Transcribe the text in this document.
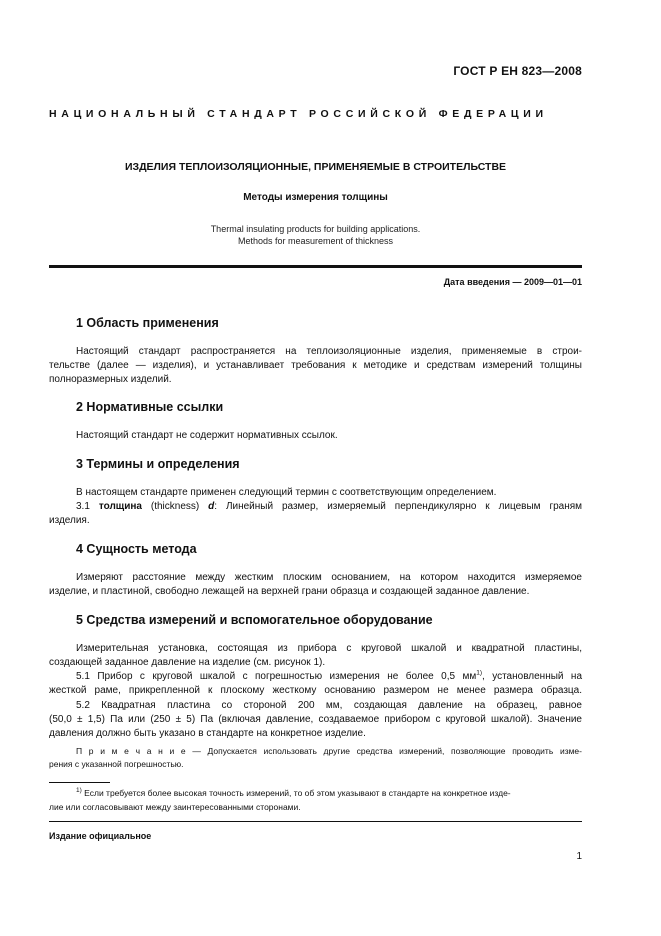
ГОСТ Р ЕН 823—2008
НАЦИОНАЛЬНЫЙ СТАНДАРТ РОССИЙСКОЙ ФЕДЕРАЦИИ
ИЗДЕЛИЯ ТЕПЛОИЗОЛЯЦИОННЫЕ, ПРИМЕНЯЕМЫЕ В СТРОИТЕЛЬСТВЕ
Методы измерения толщины
Thermal insulating products for building applications.
Methods for measurement of thickness
Дата введения — 2009—01—01
1 Область применения
Настоящий стандарт распространяется на теплоизоляционные изделия, применяемые в строи-
тельстве (далее — изделия), и устанавливает требования к методике и средствам измерений толщины
полноразмерных изделий.
2 Нормативные ссылки
Настоящий стандарт не содержит нормативных ссылок.
3 Термины и определения
В настоящем стандарте применен следующий термин с соответствующим определением.
3.1 толщина (thickness) d: Линейный размер, измеряемый перпендикулярно к лицевым граням
изделия.
4 Сущность метода
Измеряют расстояние между жестким плоским основанием, на котором находится измеряемое
изделие, и пластиной, свободно лежащей на верхней грани образца и создающей заданное давление.
5 Средства измерений и вспомогательное оборудование
Измерительная установка, состоящая из прибора с круговой шкалой и квадратной пластины,
создающей заданное давление на изделие (см. рисунок 1).
5.1 Прибор с круговой шкалой с погрешностью измерения не более 0,5 $мм^{1)}$, установленный на
жесткой раме, прикрепленной к плоскому жесткому основанию размером не менее размера образца.
5.2 Квадратная пластина со стороной 200 мм, создающая давление на образец, равное
(50,0 ± 1,5) Па или (250 ± 5) Па (включая давление, создаваемое прибором с круговой шкалой). Значение
давления должно быть указано в стандарте на конкретное изделие.
П р и м е ч а н и е — Допускается использовать другие средства измерений, позволяющие проводить изме-
рения с указанной погрешностью.
$^{1)}$ Если требуется более высокая точность измерений, то об этом указывают в стандарте на конкретное изде-
лие или согласовывают между заинтересованными сторонами.
Издание официальное
1
